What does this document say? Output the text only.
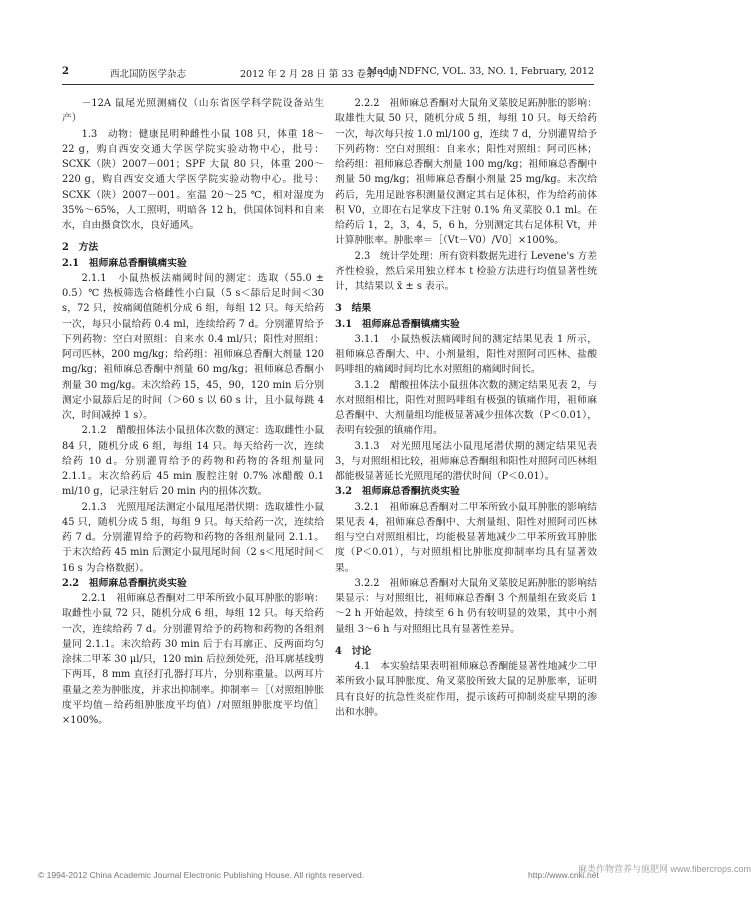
2	西北国防医学杂志	2012 年 2 月 28 日 第 33 卷第 1 期
Med J NDFNC, VOL. 33, NO. 1, February, 2012

－12A 鼠尾光照测痛仪（山东省医学科学院设备站生产）

1.3　动物：健康昆明种雌性小鼠 108 只，体重 18～22 g，购自西安交通大学医学院实验动物中心，批号：SCXK（陕）2007－001；SPF 大鼠 80 只，体重 200～220 g，购自西安交通大学医学院实验动物中心。批号：SCXK（陕）2007－001。室温 20～25 ℃，相对湿度为 35%～65%，人工照明，明暗各 12 h，供国体饲料和自来水，自由摄食饮水，良好通风。

2　方法

2.1　祖师麻总香酮镇痛实验

2.1.1　小鼠热板法痛阈时间的测定：选取（55.0 ± 0.5）℃ 热板筛选合格雌性小白鼠（5 s＜舔后足时间＜30 s，72 只，按痛阈值随机分成 6 组，每组 12 只。每天给药一次，每只小鼠给药 0.4 ml，连续给药 7 d。分别灌胃给予下列药物：空白对照组：自来水 0.4 ml/只；阳性对照组：阿司匹林，200 mg/kg；给药组：祖师麻总香酮大剂量 120 mg/kg；祖师麻总香酮中剂量 60 mg/kg；祖师麻总香酮小剂量 30 mg/kg。末次给药 15，45，90，120 min 后分别测定小鼠舔后足的时间（＞60 s 以 60 s 计，且小鼠每跳 4 次，时间减掉 1 s）。

2.1.2　醋酸扭体法小鼠扭体次数的测定：选取雌性小鼠 84 只，随机分成 6 组，每组 14 只。每天给药一次，连续给药 10 d。分别灌胃给予的药物和药物的各组剂量同 2.1.1。末次给药后 45 min 腹腔注射 0.7% 冰醋酸 0.1 ml/10 g，记录注射后 20 min 内的扭体次数。

2.1.3　光照甩尾法测定小鼠甩尾潜伏期：选取雄性小鼠 45 只，随机分成 5 组，每组 9 只。每天给药一次，连续给药 7 d。分别灌胃给予的药物和药物的各组剂量同 2.1.1。于末次给药 45 min 后测定小鼠甩尾时间（2 s＜甩尾时间＜16 s 为合格数据）。

2.2　祖师麻总香酮抗炎实验

2.2.1　祖师麻总香酮对二甲苯所致小鼠耳肿胀的影响：取雌性小鼠 72 只，随机分成 6 组，每组 12 只。每天给药一次，连续给药 7 d。分别灌胃给予的药物和药物的各组剂量同 2.1.1。末次给药 30 min 后于右耳廓正、反两面均匀涂抹二甲苯 30 μl/只，120 min 后拉颈处死，沿耳廓基线剪下两耳，8 mm 直径打孔器打耳片，分别称重量。以两耳片重量之差为肿胀度，并求出抑制率。抑制率＝［（对照组肿胀度平均值－给药组肿胀度平均值）/对照组肿胀度平均值］×100%。

2.2.2　祖师麻总香酮对大鼠角叉菜胶足跖肿胀的影响：取雄性大鼠 50 只，随机分成 5 组，每组 10 只。每天给药一次，每次每只按 1.0 ml/100 g，连续 7 d，分别灌胃给予下列药物：空白对照组：自来水；阳性对照组：阿司匹林；给药组：祖师麻总香酮大剂量 100 mg/kg；祖师麻总香酮中剂量 50 mg/kg；祖师麻总香酮小剂量 25 mg/kg。末次给药后，先用足趾容积测量仪测定其右足体积，作为给药前体积 V0，立即在右足掌皮下注射 0.1% 角叉菜胶 0.1 ml。在给药后 1，2，3，4，5，6 h，分别测定其右足体积 Vt，并计算肿胀率。肿胀率＝［（Vt－V0）/V0］×100%。

2.3　统计学处理：所有资料数据先进行 Levene's 方差齐性检验，然后采用独立样本 t 检验方法进行均值显著性统计，其结果以 x̄ ± s 表示。

3　结果

3.1　祖师麻总香酮镇痛实验

3.1.1　小鼠热板法痛阈时间的测定结果见表 1 所示，祖师麻总香酮大、中、小剂量组，阳性对照阿司匹林、盐酸吗啡组的痛阈时间均比水对照组的痛阈时间长。

3.1.2　醋酸扭体法小鼠扭体次数的测定结果见表 2，与水对照组相比，阳性对照吗啡组有极强的镇痛作用，祖师麻总香酮中、大剂量组均能极显著减少扭体次数（P＜0.01），表明有较强的镇痛作用。

3.1.3　对光照甩尾法小鼠甩尾潜伏期的测定结果见表 3，与对照组相比较，祖师麻总香酮组和阳性对照阿司匹林组都能极显著延长光照甩尾的潜伏时间（P＜0.01）。

3.2　祖师麻总香酮抗炎实验

3.2.1　祖师麻总香酮对二甲苯所致小鼠耳肿胀的影响结果见表 4，祖师麻总香酮中、大剂量组、阳性对照阿司匹林组与空白对照组相比，均能极显著地减少二甲苯所致耳肿胀度（P＜0.01），与对照组相比肿胀度抑制率均具有显著效果。

3.2.2　祖师麻总香酮对大鼠角叉菜胶足跖肿胀的影响结果显示：与对照组比，祖师麻总香酮 3 个剂量组在致炎后 1～2 h 开始起效，持续至 6 h 仍有较明显的效果，其中小剂量组 3～6 h 与对照组比具有显著性差异。

4　讨论

4.1　本实验结果表明祖师麻总香酮能显著性地减少二甲苯所致小鼠耳肿胀度、角叉菜胶所致大鼠的足肿胀率，证明具有良好的抗急性炎症作用，提示该药可抑制炎症早期的渗出和水肿。

© 1994-2012 China Academic Journal Electronic Publishing House. All rights reserved.	http://www.cnki.net
麻类作物营养与施肥网 www.fibercrops.com
